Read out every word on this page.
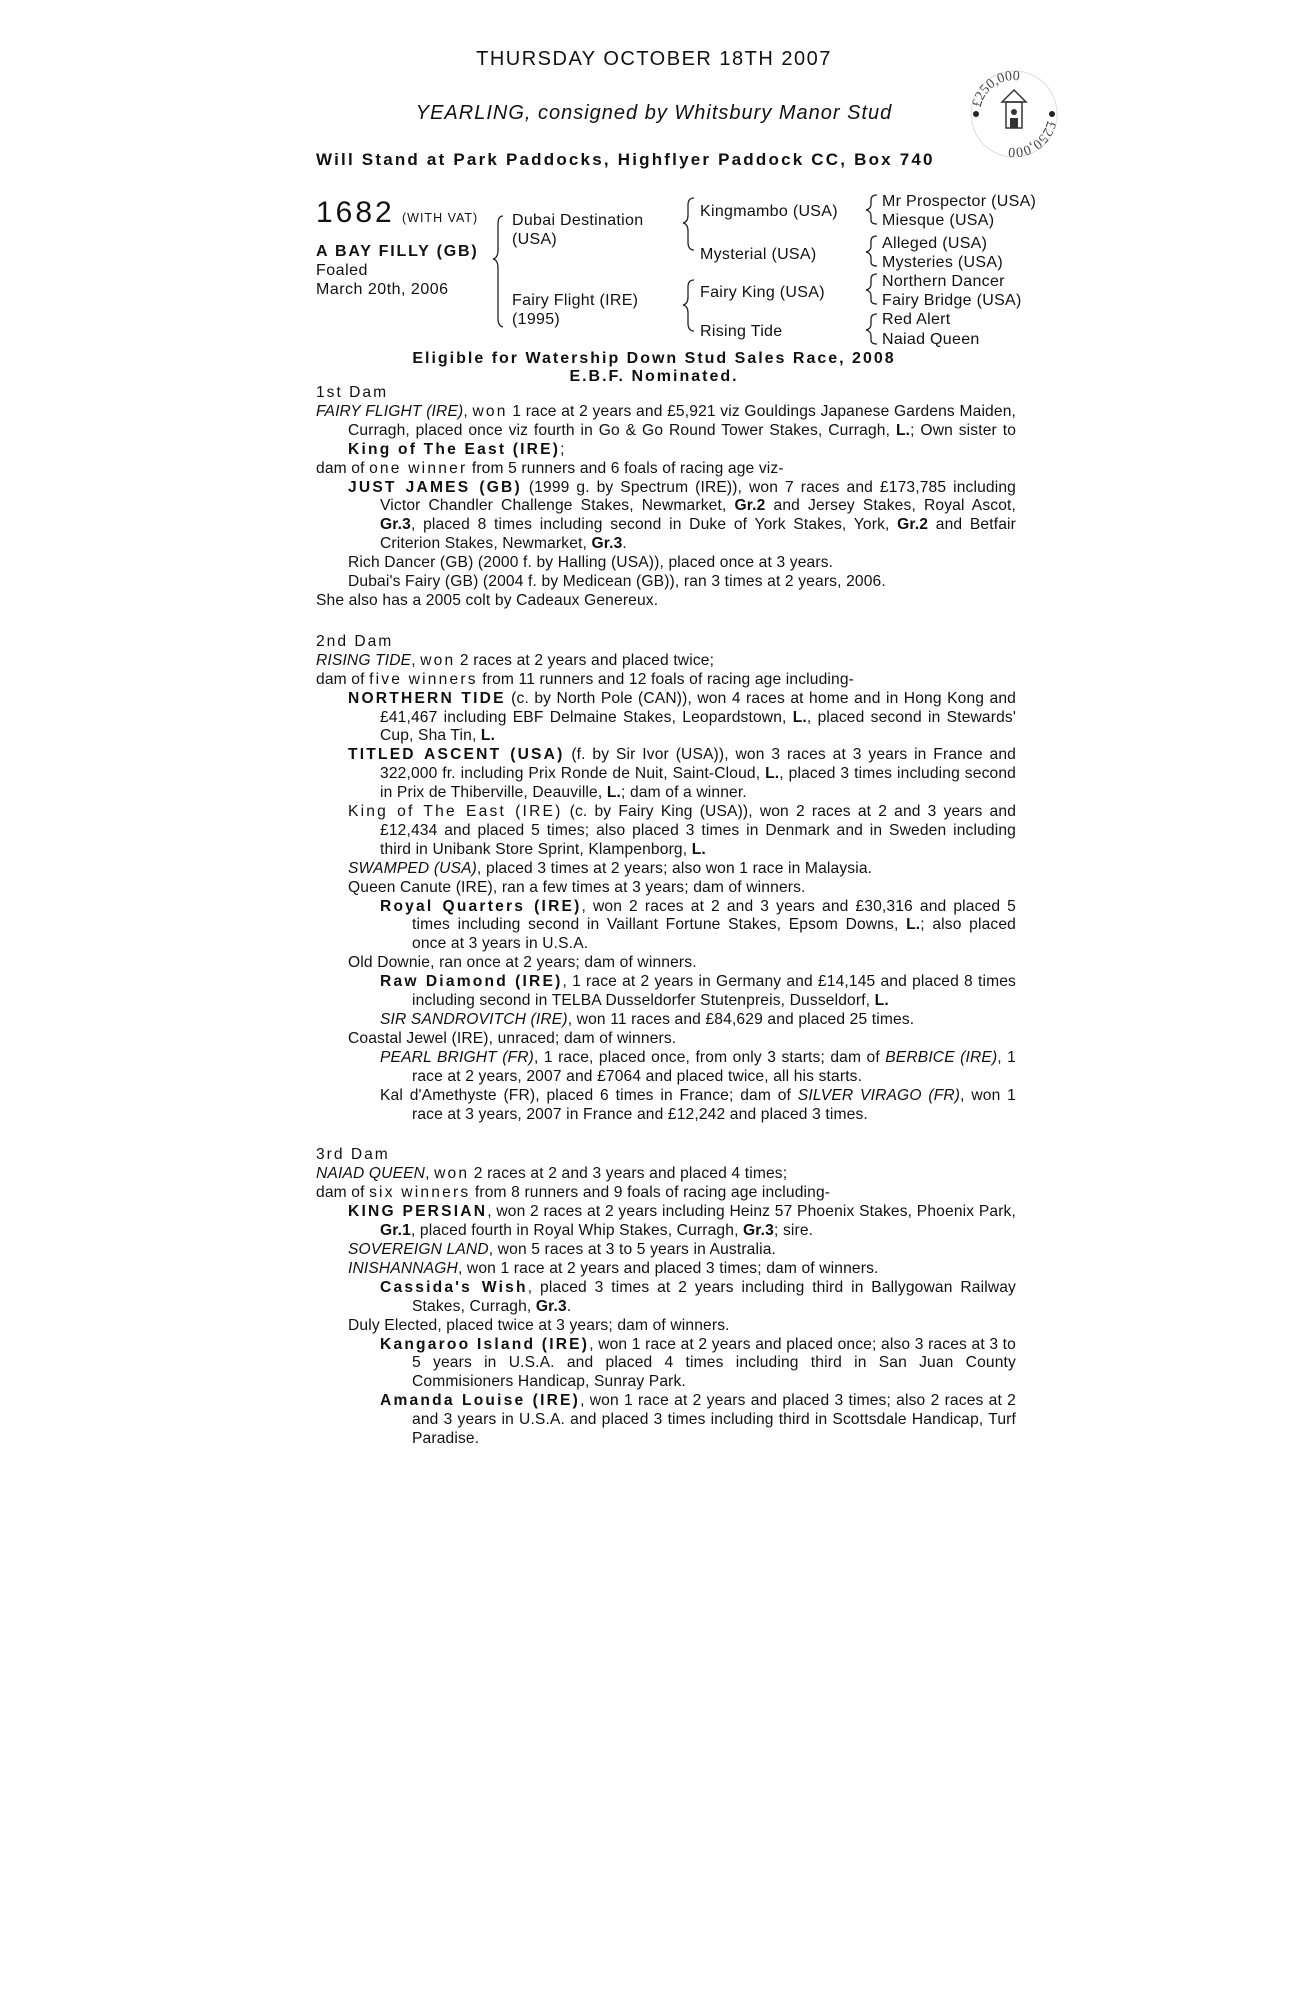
THURSDAY OCTOBER 18TH 2007
YEARLING, consigned by Whitsbury Manor Stud	£250,000
£250,000
Will Stand at Park Paddocks, Highflyer Paddock CC, Box 740
1682 (WITH VAT)
A BAY FILLY (GB)
Foaled
March 20th, 2006
Dubai Destination
(USA)
Fairy Flight (IRE)
(1995)
Kingmambo (USA)
Mysterial (USA)
Fairy King (USA)
Rising Tide
Mr Prospector (USA)
Miesque (USA)
Alleged (USA)
Mysteries (USA)
Northern Dancer
Fairy Bridge (USA)
Red Alert
Naiad Queen
Eligible for Watership Down Stud Sales Race, 2008
E.B.F. Nominated.

1st Dam

FAIRY FLIGHT (IRE), won 1 race at 2 years and £5,921 viz Gouldings Japanese Gardens Maiden, Curragh, placed once viz fourth in Go & Go Round Tower Stakes, Curragh, L.; Own sister to King of The East (IRE);

dam of one winner from 5 runners and 6 foals of racing age viz-

JUST JAMES (GB) (1999 g. by Spectrum (IRE)), won 7 races and £173,785 including Victor Chandler Challenge Stakes, Newmarket, Gr.2 and Jersey Stakes, Royal Ascot, Gr.3, placed 8 times including second in Duke of York Stakes, York, Gr.2 and Betfair Criterion Stakes, Newmarket, Gr.3.

Rich Dancer (GB) (2000 f. by Halling (USA)), placed once at 3 years.

Dubai's Fairy (GB) (2004 f. by Medicean (GB)), ran 3 times at 2 years, 2006.

She also has a 2005 colt by Cadeaux Genereux.

2nd Dam

RISING TIDE, won 2 races at 2 years and placed twice;

dam of five winners from 11 runners and 12 foals of racing age including-

NORTHERN TIDE (c. by North Pole (CAN)), won 4 races at home and in Hong Kong and £41,467 including EBF Delmaine Stakes, Leopardstown, L., placed second in Stewards' Cup, Sha Tin, L.

TITLED ASCENT (USA) (f. by Sir Ivor (USA)), won 3 races at 3 years in France and 322,000 fr. including Prix Ronde de Nuit, Saint-Cloud, L., placed 3 times including second in Prix de Thiberville, Deauville, L.; dam of a winner.

King of The East (IRE) (c. by Fairy King (USA)), won 2 races at 2 and 3 years and £12,434 and placed 5 times; also placed 3 times in Denmark and in Sweden including third in Unibank Store Sprint, Klampenborg, L.

SWAMPED (USA), placed 3 times at 2 years; also won 1 race in Malaysia.

Queen Canute (IRE), ran a few times at 3 years; dam of winners.

Royal Quarters (IRE), won 2 races at 2 and 3 years and £30,316 and placed 5 times including second in Vaillant Fortune Stakes, Epsom Downs, L.; also placed once at 3 years in U.S.A.

Old Downie, ran once at 2 years; dam of winners.

Raw Diamond (IRE), 1 race at 2 years in Germany and £14,145 and placed 8 times including second in TELBA Dusseldorfer Stutenpreis, Dusseldorf, L.

SIR SANDROVITCH (IRE), won 11 races and £84,629 and placed 25 times.

Coastal Jewel (IRE), unraced; dam of winners.

PEARL BRIGHT (FR), 1 race, placed once, from only 3 starts; dam of BERBICE (IRE), 1 race at 2 years, 2007 and £7064 and placed twice, all his starts.

Kal d'Amethyste (FR), placed 6 times in France; dam of SILVER VIRAGO (FR), won 1 race at 3 years, 2007 in France and £12,242 and placed 3 times.

3rd Dam

NAIAD QUEEN, won 2 races at 2 and 3 years and placed 4 times;

dam of six winners from 8 runners and 9 foals of racing age including-

KING PERSIAN, won 2 races at 2 years including Heinz 57 Phoenix Stakes, Phoenix Park, Gr.1, placed fourth in Royal Whip Stakes, Curragh, Gr.3; sire.

SOVEREIGN LAND, won 5 races at 3 to 5 years in Australia.

INISHANNAGH, won 1 race at 2 years and placed 3 times; dam of winners.

Cassida's Wish, placed 3 times at 2 years including third in Ballygowan Railway Stakes, Curragh, Gr.3.

Duly Elected, placed twice at 3 years; dam of winners.

Kangaroo Island (IRE), won 1 race at 2 years and placed once; also 3 races at 3 to 5 years in U.S.A. and placed 4 times including third in San Juan County Commisioners Handicap, Sunray Park.

Amanda Louise (IRE), won 1 race at 2 years and placed 3 times; also 2 races at 2 and 3 years in U.S.A. and placed 3 times including third in Scottsdale Handicap, Turf Paradise.
